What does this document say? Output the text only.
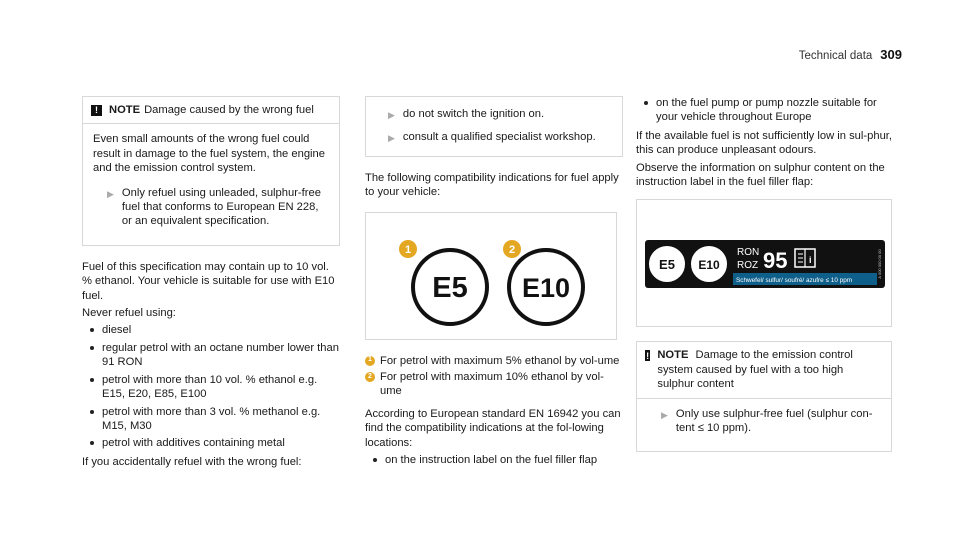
Technical data 309
! NOTE Damage caused by the wrong fuel

Even small amounts of the wrong fuel could result in damage to the fuel system, the engine and the emission control system.

▶ Only refuel using unleaded, sulphur-free fuel that conforms to European EN 228, or an equivalent specification.

Fuel of this specification may contain up to 10 vol. % ethanol. Your vehicle is suitable for use with E10 fuel.

Never refuel using:

diesel
regular petrol with an octane number lower than 91 RON
petrol with more than 10 vol. % ethanol e.g. E15, E20, E85, E100
petrol with more than 3 vol. % methanol e.g. M15, M30
petrol with additives containing metal

If you accidentally refuel with the wrong fuel:

▶ do not switch the ignition on.
▶ consult a qualified specialist workshop.

The following compatibility indications for fuel apply to your vehicle:

1	2
E5 E10
1 For petrol with maximum 5% ethanol by vol-ume
2 For petrol with maximum 10% ethanol by vol-ume

According to European standard EN 16942 you can find the compatibility indications at the fol-lowing locations:

on the instruction label on the fuel filler flap
on the fuel pump or pump nozzle suitable for your vehicle throughout Europe

If the available fuel is not sufficiently low in sul-phur, this can produce unpleasant odours.

Observe the information on sulphur content on the instruction label in the fuel filler flap:

E5 E10
RON
ROZ 95 i
Schwefel/ sulfur/ soufré/ azufre ≤ 10 ppm
A 000 000 00 00
! NOTE Damage to the emission control system caused by fuel with a too high sulphur content
▶ Only use sulphur-free fuel (sulphur con-tent ≤ 10 ppm).
